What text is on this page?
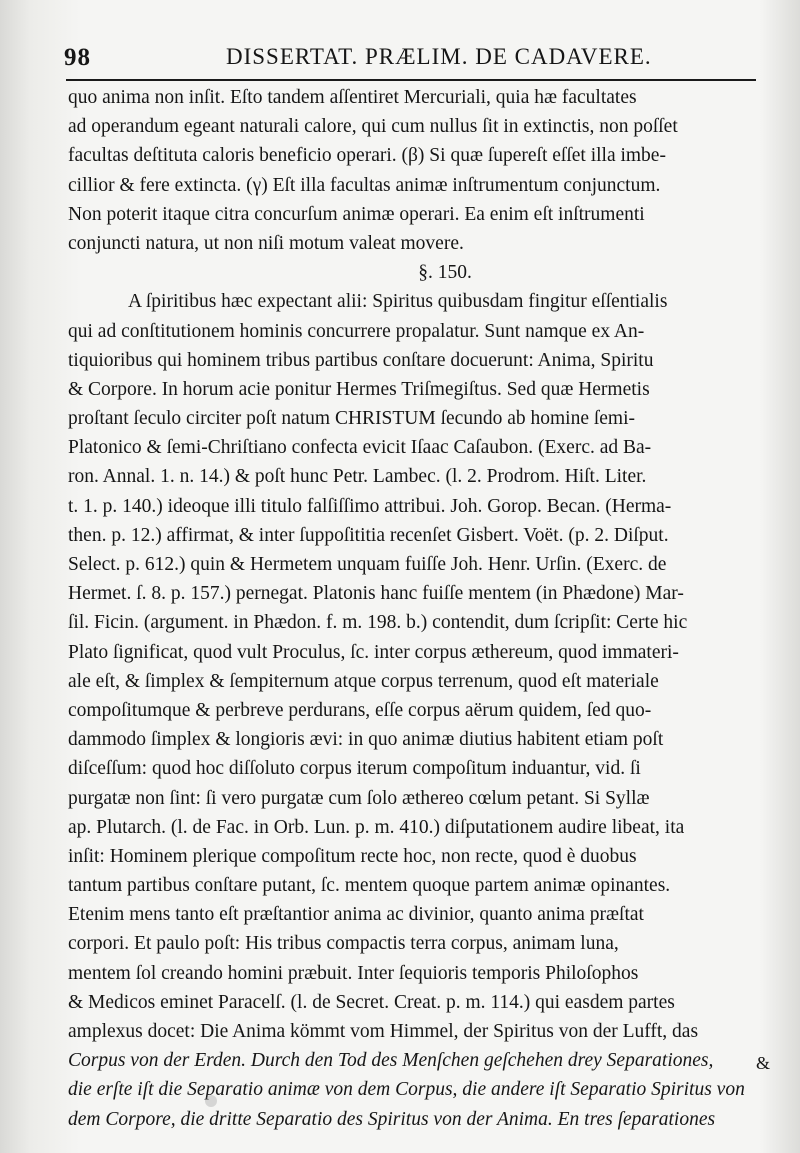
98	DISSERTAT. PRÆLIM. DE CADAVERE.
quo anima non inſit. Eſto tandem aſſentiret Mercuriali, quia hæ facultates
ad operandum egeant naturali calore, qui cum nullus ſit in extinctis, non poſſet
facultas deſtituta caloris beneficio operari. (β) Si quæ ſupereſt eſſet illa imbe-
cillior & fere extincta. (γ) Eſt illa facultas animæ inſtrumentum conjunctum.
Non poterit itaque citra concurſum animæ operari. Ea enim eſt inſtrumenti
conjuncti natura, ut non niſi motum valeat movere.
§. 150.
A ſpiritibus hæc expectant alii: Spiritus quibusdam fingitur eſſentialis
qui ad conſtitutionem hominis concurrere propalatur. Sunt namque ex An-
tiquioribus qui hominem tribus partibus conſtare docuerunt: Anima, Spiritu
& Corpore. In horum acie ponitur Hermes Triſmegiſtus. Sed quæ Hermetis
proſtant ſeculo circiter poſt natum CHRISTUM ſecundo ab homine ſemi-
Platonico & ſemi-Chriſtiano confecta evicit Iſaac Caſaubon. (Exerc. ad Ba-
ron. Annal. 1. n. 14.) & poſt hunc Petr. Lambec. (l. 2. Prodrom. Hiſt. Liter.
t. 1. p. 140.) ideoque illi titulo falſiſſimo attribui. Joh. Gorop. Becan. (Herma-
then. p. 12.) affirmat, & inter ſuppoſititia recenſet Gisbert. Voët. (p. 2. Diſput.
Select. p. 612.) quin & Hermetem unquam fuiſſe Joh. Henr. Urſin. (Exerc. de
Hermet. ſ. 8. p. 157.) pernegat. Platonis hanc fuiſſe mentem (in Phædone) Mar-
ſil. Ficin. (argument. in Phædon. f. m. 198. b.) contendit, dum ſcripſit: Certe hic
Plato ſignificat, quod vult Proculus, ſc. inter corpus æthereum, quod immateri-
ale eſt, & ſimplex & ſempiternum atque corpus terrenum, quod eſt materiale
compoſitumque & perbreve perdurans, eſſe corpus aërum quidem, ſed quo-
dammodo ſimplex & longioris ævi: in quo animæ diutius habitent etiam poſt
diſceſſum: quod hoc diſſoluto corpus iterum compoſitum induantur, vid. ſi
purgatæ non ſint: ſi vero purgatæ cum ſolo æthereo cœlum petant. Si Syllæ
ap. Plutarch. (l. de Fac. in Orb. Lun. p. m. 410.) diſputationem audire libeat, ita
inſit: Hominem plerique compoſitum recte hoc, non recte, quod è duobus
tantum partibus conſtare putant, ſc. mentem quoque partem animæ opinantes.
Etenim mens tanto eſt præſtantior anima ac divinior, quanto anima præſtat
corpori. Et paulo poſt: His tribus compactis terra corpus, animam luna,
mentem ſol creando homini præbuit. Inter ſequioris temporis Philoſophos
& Medicos eminet Paracelſ. (l. de Secret. Creat. p. m. 114.) qui easdem partes
amplexus docet: Die Anima kömmt vom Himmel, der Spiritus von der Lufft, das
Corpus von der Erden. Durch den Tod des Menſchen geſchehen drey Separationes,
die erſte iſt die Separatio animæ von dem Corpus, die andere iſt Separatio Spiritus von
dem Corpore, die dritte Separatio des Spiritus von der Anima. En tres ſeparationes
&
